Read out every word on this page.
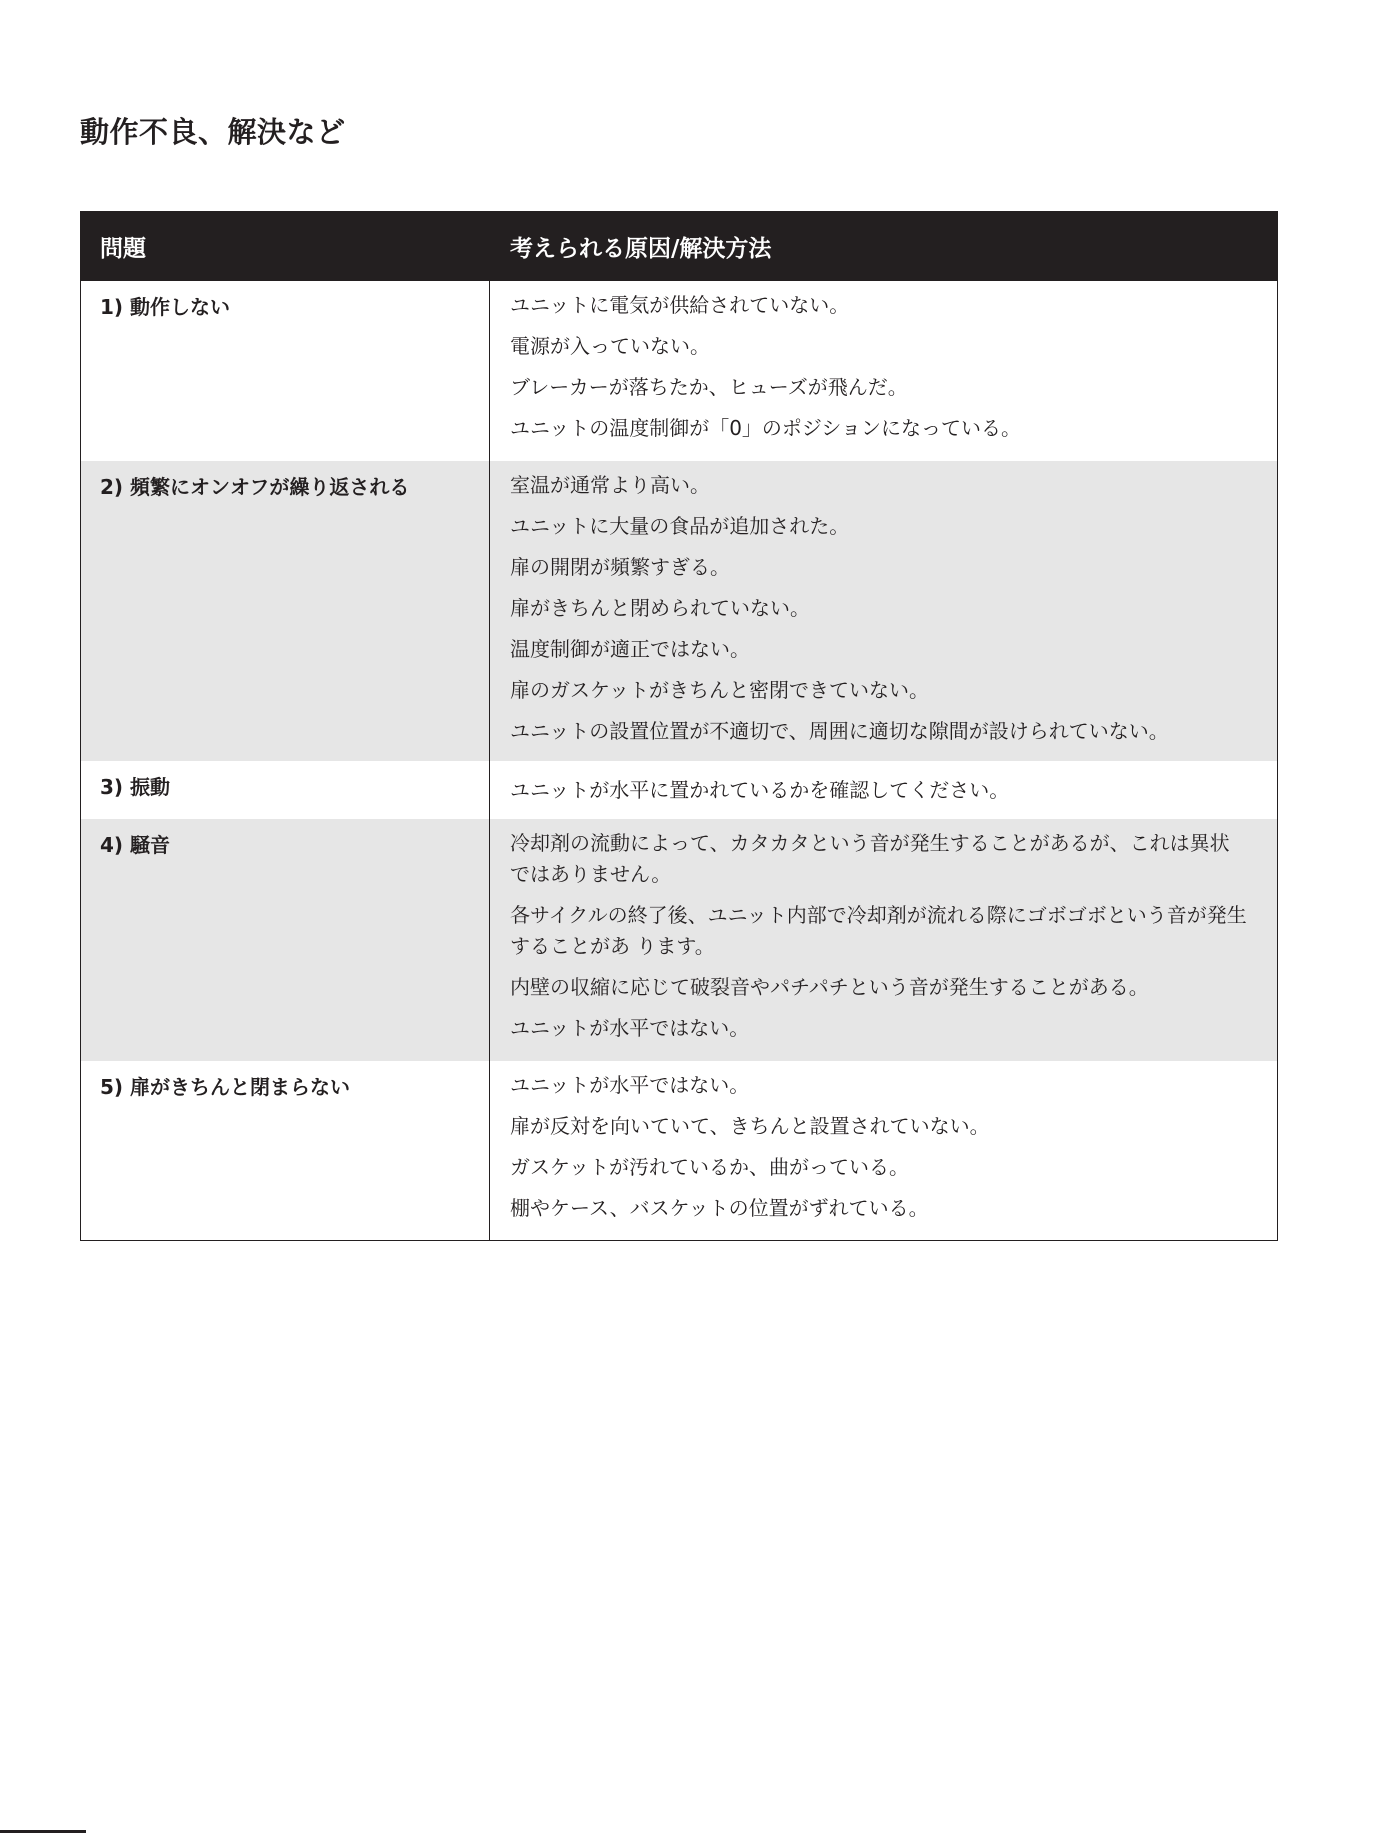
動作不良、解決など
問題	考えられる原因/解決方法
1) 動作しない	ユニットに電気が供給されていない。

電源が入っていない。

ブレーカーが落ちたか、ヒューズが飛んだ。

ユニットの温度制御が「0」のポジションになっている。

2) 頻繁にオンオフが繰り返される	室温が通常より高い。

ユニットに大量の食品が追加された。

扉の開閉が頻繁すぎる。

扉がきちんと閉められていない。

温度制御が適正ではない。

扉のガスケットがきちんと密閉できていない。

ユニットの設置位置が不適切で、周囲に適切な隙間が設けられていない。

3) 振動	ユニットが水平に置かれているかを確認してください。

4) 騒音	冷却剤の流動によって、カタカタという音が発生することがあるが、これは異状ではありません。

各サイクルの終了後、ユニット内部で冷却剤が流れる際にゴボゴボという音が発生することがあ ります。

内壁の収縮に応じて破裂音やパチパチという音が発生することがある。

ユニットが水平ではない。

5) 扉がきちんと閉まらない	ユニットが水平ではない。

扉が反対を向いていて、きちんと設置されていない。

ガスケットが汚れているか、曲がっている。

棚やケース、バスケットの位置がずれている。
